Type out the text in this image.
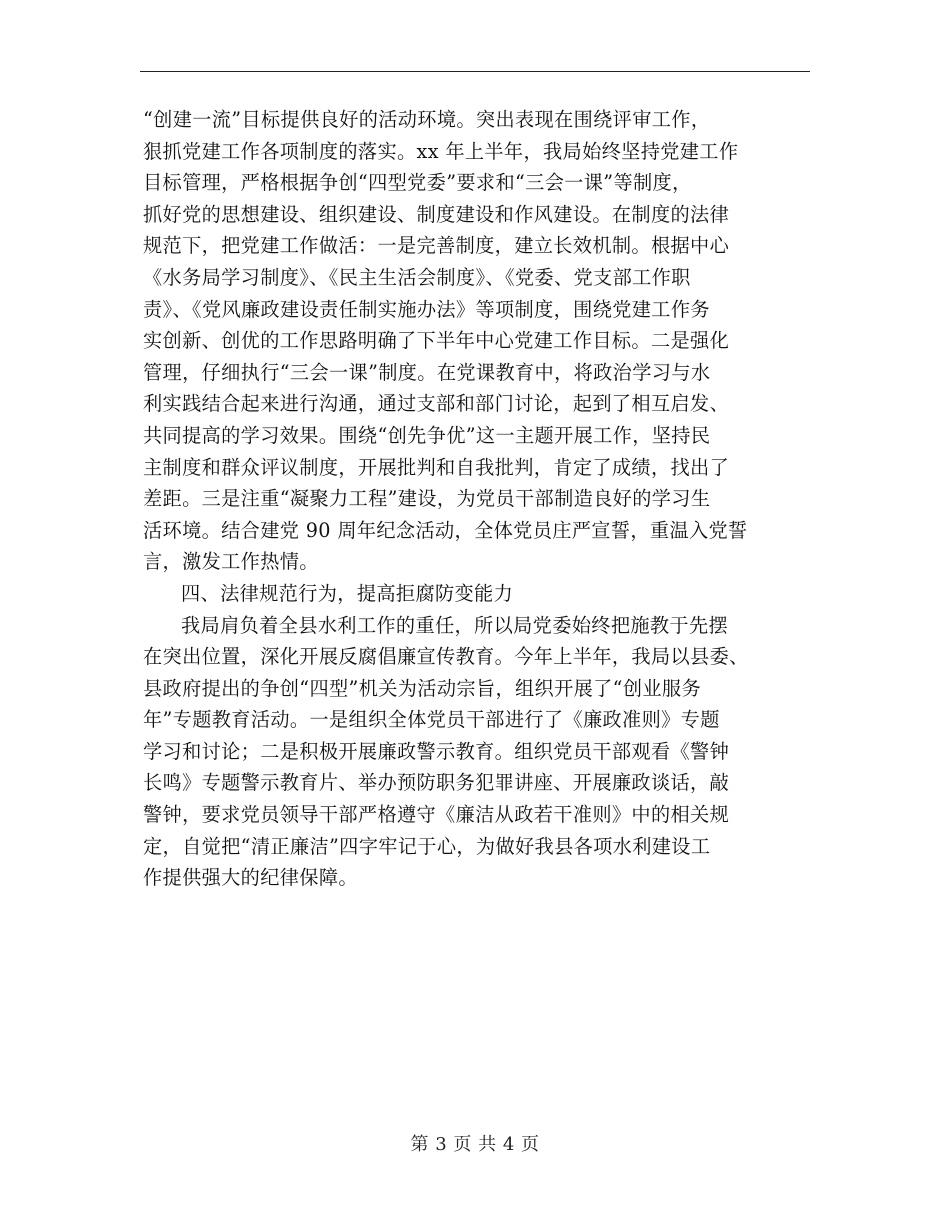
“创建一流”目标提供良好的活动环境。突出表现在围绕评审工作，
狠抓党建工作各项制度的落实。xx 年上半年，我局始终坚持党建工作
目标管理，严格根据争创“四型党委”要求和“三会一课”等制度，
抓好党的思想建设、组织建设、制度建设和作风建设。在制度的法律
规范下，把党建工作做活：一是完善制度，建立长效机制。根据中心
《水务局学习制度》、《民主生活会制度》、《党委、党支部工作职
责》、《党风廉政建设责任制实施办法》等项制度，围绕党建工作务
实创新、创优的工作思路明确了下半年中心党建工作目标。二是强化
管理，仔细执行“三会一课”制度。在党课教育中，将政治学习与水
利实践结合起来进行沟通，通过支部和部门讨论，起到了相互启发、
共同提高的学习效果。围绕“创先争优”这一主题开展工作，坚持民
主制度和群众评议制度，开展批判和自我批判，肯定了成绩，找出了
差距。三是注重“凝聚力工程”建设，为党员干部制造良好的学习生
活环境。结合建党 90 周年纪念活动，全体党员庄严宣誓，重温入党誓
言，激发工作热情。
四、法律规范行为，提高拒腐防变能力
我局肩负着全县水利工作的重任，所以局党委始终把施教于先摆
在突出位置，深化开展反腐倡廉宣传教育。今年上半年，我局以县委、
县政府提出的争创“四型”机关为活动宗旨，组织开展了“创业服务
年”专题教育活动。一是组织全体党员干部进行了《廉政准则》专题
学习和讨论；二是积极开展廉政警示教育。组织党员干部观看《警钟
长鸣》专题警示教育片、举办预防职务犯罪讲座、开展廉政谈话，敲
警钟，要求党员领导干部严格遵守《廉洁从政若干准则》中的相关规
定，自觉把“清正廉洁”四字牢记于心，为做好我县各项水利建设工
作提供强大的纪律保障。
第 3 页 共 4 页
